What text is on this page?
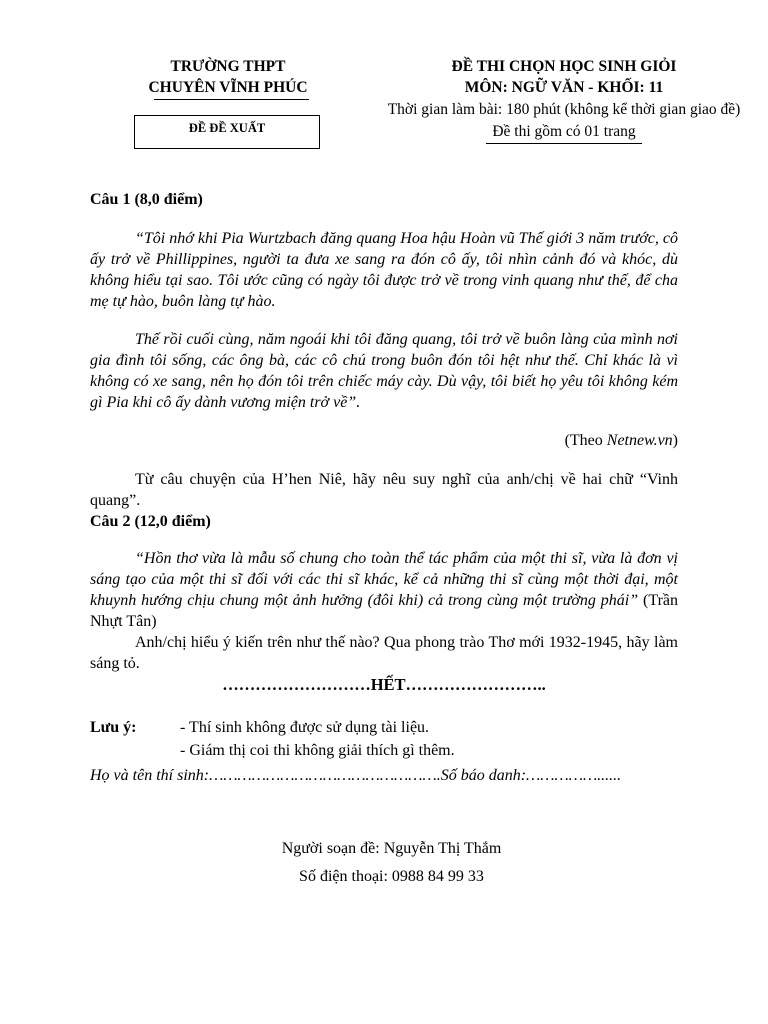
TRƯỜNG THPT
CHUYÊN VĨNH PHÚC
ĐỀ ĐỀ XUẤT
ĐỀ THI CHỌN HỌC SINH GIỎI
MÔN: NGỮ VĂN - KHỐI: 11
Thời gian làm bài: 180 phút (không kể thời gian giao đề)
Đề thi gồm có 01 trang
Câu 1 (8,0 điểm)
“Tôi nhớ khi Pia Wurtzbach đăng quang Hoa hậu Hoàn vũ Thế giới 3 năm trước, cô ấy trở về Phillippines, người ta đưa xe sang ra đón cô ấy, tôi nhìn cảnh đó và khóc, dù không hiểu tại sao. Tôi ước cũng có ngày tôi được trở về trong vinh quang như thế, để cha mẹ tự hào, buôn làng tự hào.
Thế rồi cuối cùng, năm ngoái khi tôi đăng quang, tôi trở về buôn làng của mình nơi gia đình tôi sống, các ông bà, các cô chú trong buôn đón tôi hệt như thế. Chỉ khác là vì không có xe sang, nên họ đón tôi trên chiếc máy cày. Dù vậy, tôi biết họ yêu tôi không kém gì Pia khi cô ấy dành vương miện trở về”.
(Theo Netnew.vn)
Từ câu chuyện của H’hen Niê, hãy nêu suy nghĩ của anh/chị về hai chữ “Vinh quang”.
Câu 2 (12,0 điểm)
“Hồn thơ vừa là mẫu số chung cho toàn thể tác phẩm của một thi sĩ, vừa là đơn vị sáng tạo của một thi sĩ đối với các thi sĩ khác, kể cả những thi sĩ cùng một thời đại, một khuynh hướng chịu chung một ảnh hưởng (đôi khi) cả trong cùng một trường phái” (Trần Nhựt Tân)
Anh/chị hiểu ý kiến trên như thế nào? Qua phong trào Thơ mới 1932-1945, hãy làm sáng tỏ.
………………………HẾT……………………..
Lưu ý:	- Thí sinh không được sử dụng tài liệu.
- Giám thị coi thi không giải thích gì thêm.
Họ và tên thí sinh:………………………………………….Số báo danh:……………......
Người soạn đề: Nguyễn Thị Thắm
Số điện thoại: 0988 84 99 33
